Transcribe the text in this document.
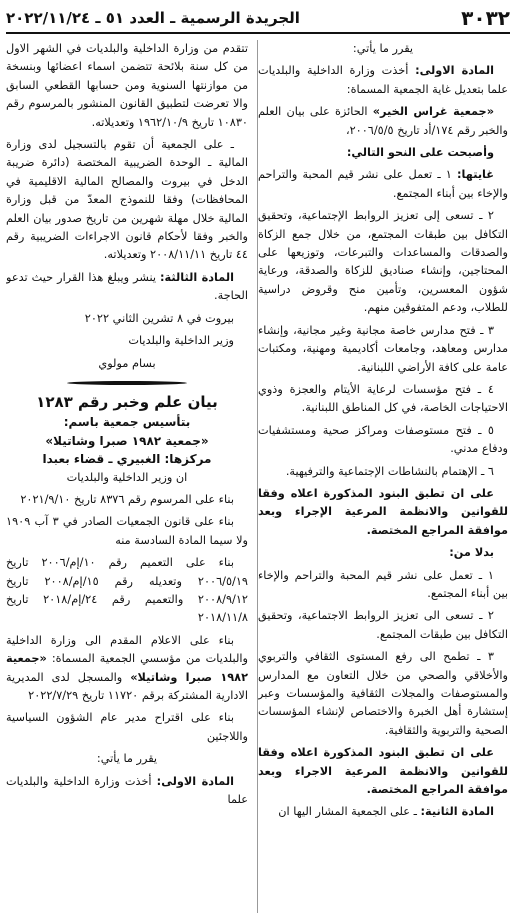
٣٠٣٢
الجريدة الرسمية ـ العدد ٥١ ـ ٢٠٢٢/١١/٢٤

يقرر ما يأتي:

المادة الاولى: أخذت وزارة الداخلية والبلديات علما بتعديل غاية الجمعية المسماة:

«جمعية غراس الخير» الحائزة على بيان العلم والخبر رقم ١٧٤/أد تاريخ ٢٠٠٦/٥/٥،

وأصبحت على النحو التالي:

غايتها: ١ ـ تعمل على نشر قيم المحبة والتراحم والإخاء بين أبناء المجتمع.

٢ ـ تسعى إلى تعزيز الروابط الإجتماعية، وتحقيق التكافل بين طبقات المجتمع، من خلال جمع الزكاة والصدقات والمساعدات والتبرعات، وتوزيعها على المحتاجين، وإنشاء صناديق للزكاة والصدقة، ورعاية شؤون المعسرين، وتأمين منح وقروض دراسية للطلاب، ودعم المتفوقين منهم.

٣ ـ فتح مدارس خاصة مجانية وغير مجانية، وإنشاء مدارس ومعاهد، وجامعات أكاديمية ومهنية، ومكتبات عامة على كافة الأراضي اللبنانية.

٤ ـ فتح مؤسسات لرعاية الأيتام والعجزة وذوي الاحتياجات الخاصة، في كل المناطق اللبنانية.

٥ ـ فتح مستوصفات ومراكز صحية ومستشفيات ودفاع مدني.

٦ ـ الإهتمام بالنشاطات الإجتماعية والترفيهية.

على ان تطبق البنود المذكورة اعلاه وفقا للقوانين والانظمة المرعية الإجراء وبعد موافقة المراجع المختصة.

بدلا من:

١ ـ تعمل على نشر قيم المحبة والتراحم والإخاء بين أبناء المجتمع.

٢ ـ تسعى الى تعزيز الروابط الاجتماعية، وتحقيق التكافل بين طبقات المجتمع.

٣ ـ تطمح الى رفع المستوى الثقافي والتربوي والأخلاقي والصحي من خلال التعاون مع المدارس والمستوصفات والمجلات الثقافية والمؤسسات وعبر إستشارة أهل الخبرة والاختصاص لإنشاء المؤسسات الصحية والتربوية والثقافية.

على ان تطبق البنود المذكورة اعلاه وفقا للقوانين والانظمة المرعية الاجراء وبعد موافقة المراجع المختصة.

المادة الثانية: ـ على الجمعية المشار اليها ان

تتقدم من وزارة الداخلية والبلديات في الشهر الاول من كل سنة بلائحة تتضمن اسماء اعضائها وبنسخة من موازنتها السنوية ومن حسابها القطعي السابق والا تعرضت لتطبيق القانون المنشور بالمرسوم رقم ١٠٨٣٠ تاريخ ١٩٦٢/١٠/٩ وتعديلاته.

ـ على الجمعية أن تقوم بالتسجيل لدى وزارة المالية ـ الوحدة الضريبية المختصة (دائرة ضريبة الدخل في بيروت والمصالح المالية الاقليمية في المحافظات) وفقا للنموذج المعدّ من قبل وزارة المالية خلال مهلة شهرين من تاريخ صدور بيان العلم والخبر وفقا لأحكام قانون الاجراءات الضريبية رقم ٤٤ تاريخ ٢٠٠٨/١١/١١ وتعديلاته.

المادة الثالثة: ينشر ويبلغ هذا القرار حيث تدعو الحاجة.

بيروت في ٨ تشرين الثاني ٢٠٢٢

وزير الداخلية والبلديات

بسام مولوي

بيان علم وخبر رقم ١٢٨٣
بتأسيس جمعية باسم:
«جمعية ١٩٨٢ صبرا وشاتيلا»
مركزها: الغبيري ـ قضاء بعبدا

ان وزير الداخلية والبلديات

بناء على المرسوم رقم ٨٣٧٦ تاريخ ٢٠٢١/٩/١٠

بناء على قانون الجمعيات الصادر في ٣ آب ١٩٠٩ ولا سيما المادة السادسة منه

بناء على التعميم رقم ١٠/إم/٢٠٠٦ تاريخ ٢٠٠٦/٥/١٩ وتعديله رقم ١٥/إم/٢٠٠٨ تاريخ ٢٠٠٨/٩/١٢ والتعميم رقم ٢٤/إم/٢٠١٨ تاريخ ٢٠١٨/١١/٨

بناء على الاعلام المقدم الى وزارة الداخلية والبلديات من مؤسسي الجمعية المسماة: «جمعية ١٩٨٢ صبرا وشاتيلا» والمسجل لدى المديرية الادارية المشتركة برقم ١١٧٢٠ تاريخ ٢٠٢٢/٧/٢٩

بناء على اقتراح مدير عام الشؤون السياسية واللاجئين

يقرر ما يأتي:

المادة الاولى: أخذت وزارة الداخلية والبلديات علما
